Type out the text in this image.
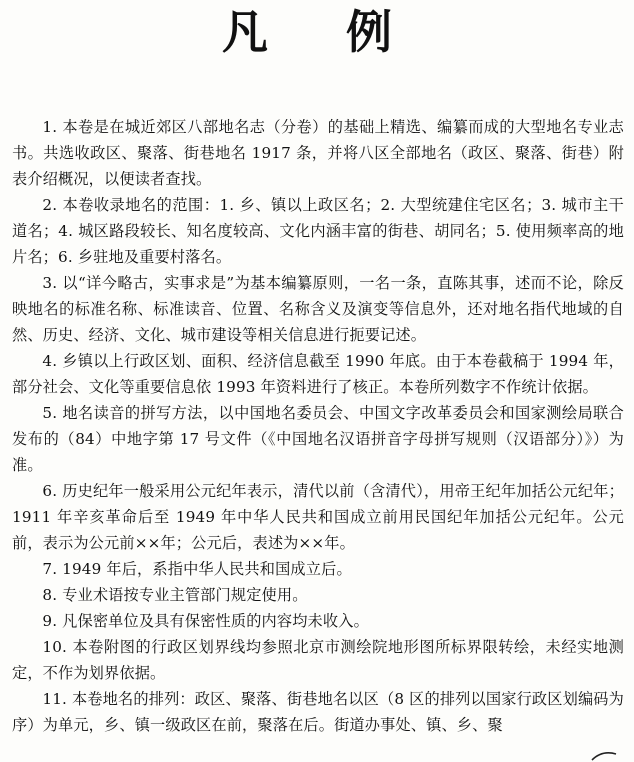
凡 例

1. 本卷是在城近郊区八部地名志（分卷）的基础上精选、编纂而成的大型地名专业志书。共选收政区、聚落、街巷地名 1917 条，并将八区全部地名（政区、聚落、街巷）附表介绍概况，以便读者查找。

2. 本卷收录地名的范围：1. 乡、镇以上政区名；2. 大型统建住宅区名；3. 城市主干道名；4. 城区路段较长、知名度较高、文化内涵丰富的街巷、胡同名；5. 使用频率高的地片名；6. 乡驻地及重要村落名。

3. 以“详今略古，实事求是”为基本编纂原则，一名一条，直陈其事，述而不论，除反映地名的标准名称、标准读音、位置、名称含义及演变等信息外，还对地名指代地域的自然、历史、经济、文化、城市建设等相关信息进行扼要记述。

4. 乡镇以上行政区划、面积、经济信息截至 1990 年底。由于本卷截稿于 1994 年，部分社会、文化等重要信息依 1993 年资料进行了核正。本卷所列数字不作统计依据。

5. 地名读音的拼写方法，以中国地名委员会、中国文字改革委员会和国家测绘局联合发布的（84）中地字第 17 号文件（《中国地名汉语拼音字母拼写规则（汉语部分）》）为准。

6. 历史纪年一般采用公元纪年表示，清代以前（含清代），用帝王纪年加括公元纪年；1911 年辛亥革命后至 1949 年中华人民共和国成立前用民国纪年加括公元纪年。公元前，表示为公元前××年；公元后，表述为××年。

7. 1949 年后，系指中华人民共和国成立后。

8. 专业术语按专业主管部门规定使用。

9. 凡保密单位及具有保密性质的内容均未收入。

10. 本卷附图的行政区划界线均参照北京市测绘院地形图所标界限转绘，未经实地测定，不作为划界依据。

11. 本卷地名的排列：政区、聚落、街巷地名以区（8 区的排列以国家行政区划编码为序）为单元，乡、镇一级政区在前，聚落在后。街道办事处、镇、乡、聚
